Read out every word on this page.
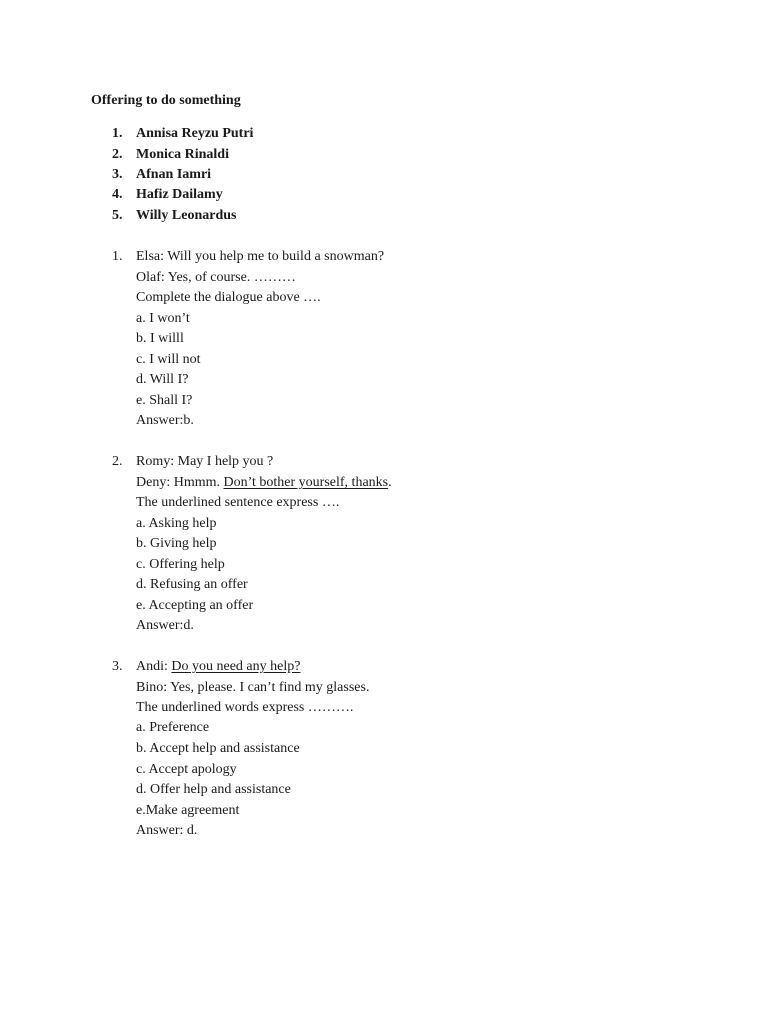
Offering to do something
1. Annisa Reyzu Putri
2. Monica Rinaldi
3. Afnan Iamri
4. Hafiz Dailamy
5. Willy Leonardus
1. Elsa: Will you help me to build a snowman?
Olaf: Yes, of course. ………
Complete the dialogue above ….
a. I won’t
b. I willl
c. I will not
d. Will I?
e. Shall I?
Answer:b.
2. Romy: May I help you ?
Deny: Hmmm. Don’t bother yourself, thanks.
The underlined sentence express ….
a. Asking help
b. Giving help
c. Offering help
d. Refusing an offer
e. Accepting an offer
Answer:d.
3. Andi: Do you need any help?
Bino: Yes, please. I can’t find my glasses.
The underlined words express ……….
a. Preference
b. Accept help and assistance
c. Accept apology
d. Offer help and assistance
e.Make agreement
Answer: d.
